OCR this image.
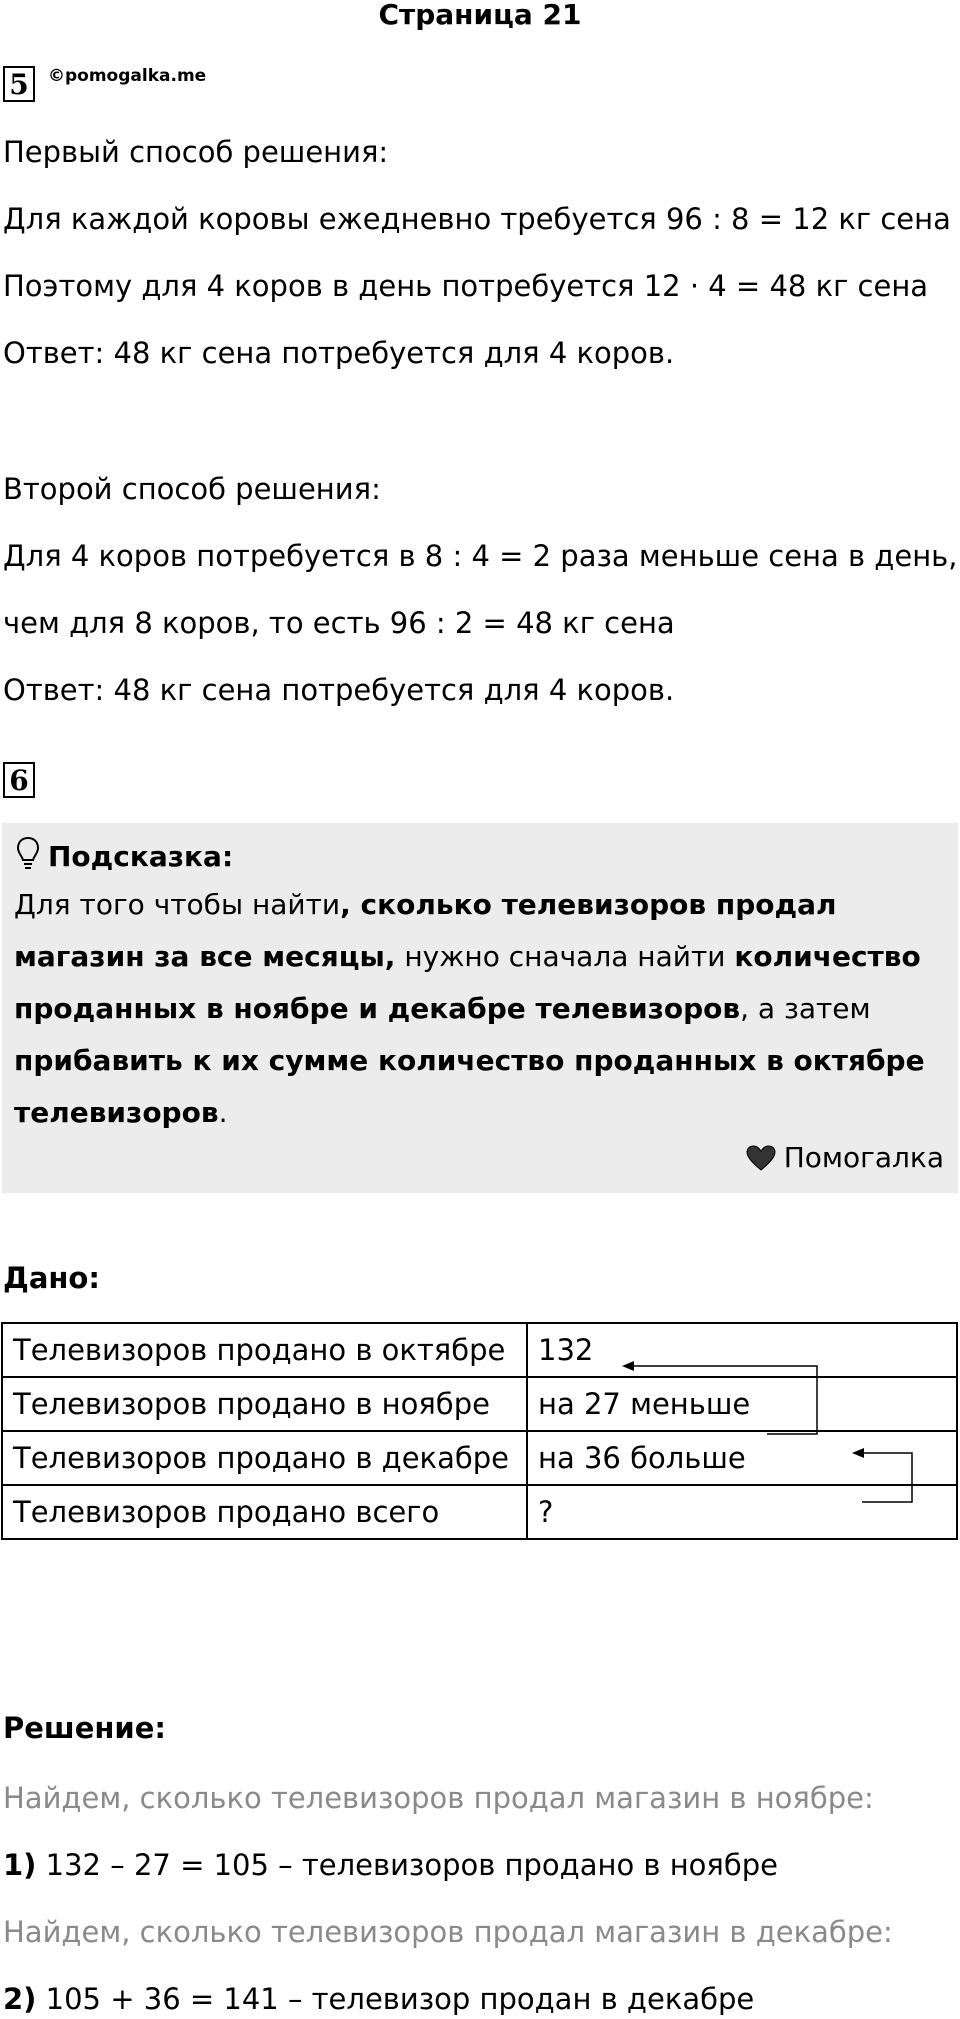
Страница 21
5	©pomogalka.me
Первый способ решения:
Для каждой коровы ежедневно требуется 96 : 8 = 12 кг сена
Поэтому для 4 коров в день потребуется 12 · 4 = 48 кг сена
Ответ: 48 кг сена потребуется для 4 коров.
Второй способ решения:
Для 4 коров потребуется в 8 : 4 = 2 раза меньше сена в день,
чем для 8 коров, то есть 96 : 2 = 48 кг сена
Ответ: 48 кг сена потребуется для 4 коров.
6
Подсказка:
Для того чтобы найти, сколько телевизоров продал магазин за все месяцы, нужно сначала найти количество проданных в ноябре и декабре телевизоров, а затем прибавить к их сумме количество проданных в октябре телевизоров.
Помогалка
Дано:
Телевизоров продано в октябре	132
Телевизоров продано в ноябре	на 27 меньше
Телевизоров продано в декабре	на 36 больше
Телевизоров продано всего	?
Решение:
Найдем, сколько телевизоров продал магазин в ноябре:
1) 132 – 27 = 105 – телевизоров продано в ноябре
Найдем, сколько телевизоров продал магазин в декабре:
2) 105 + 36 = 141 – телевизор продан в декабре
